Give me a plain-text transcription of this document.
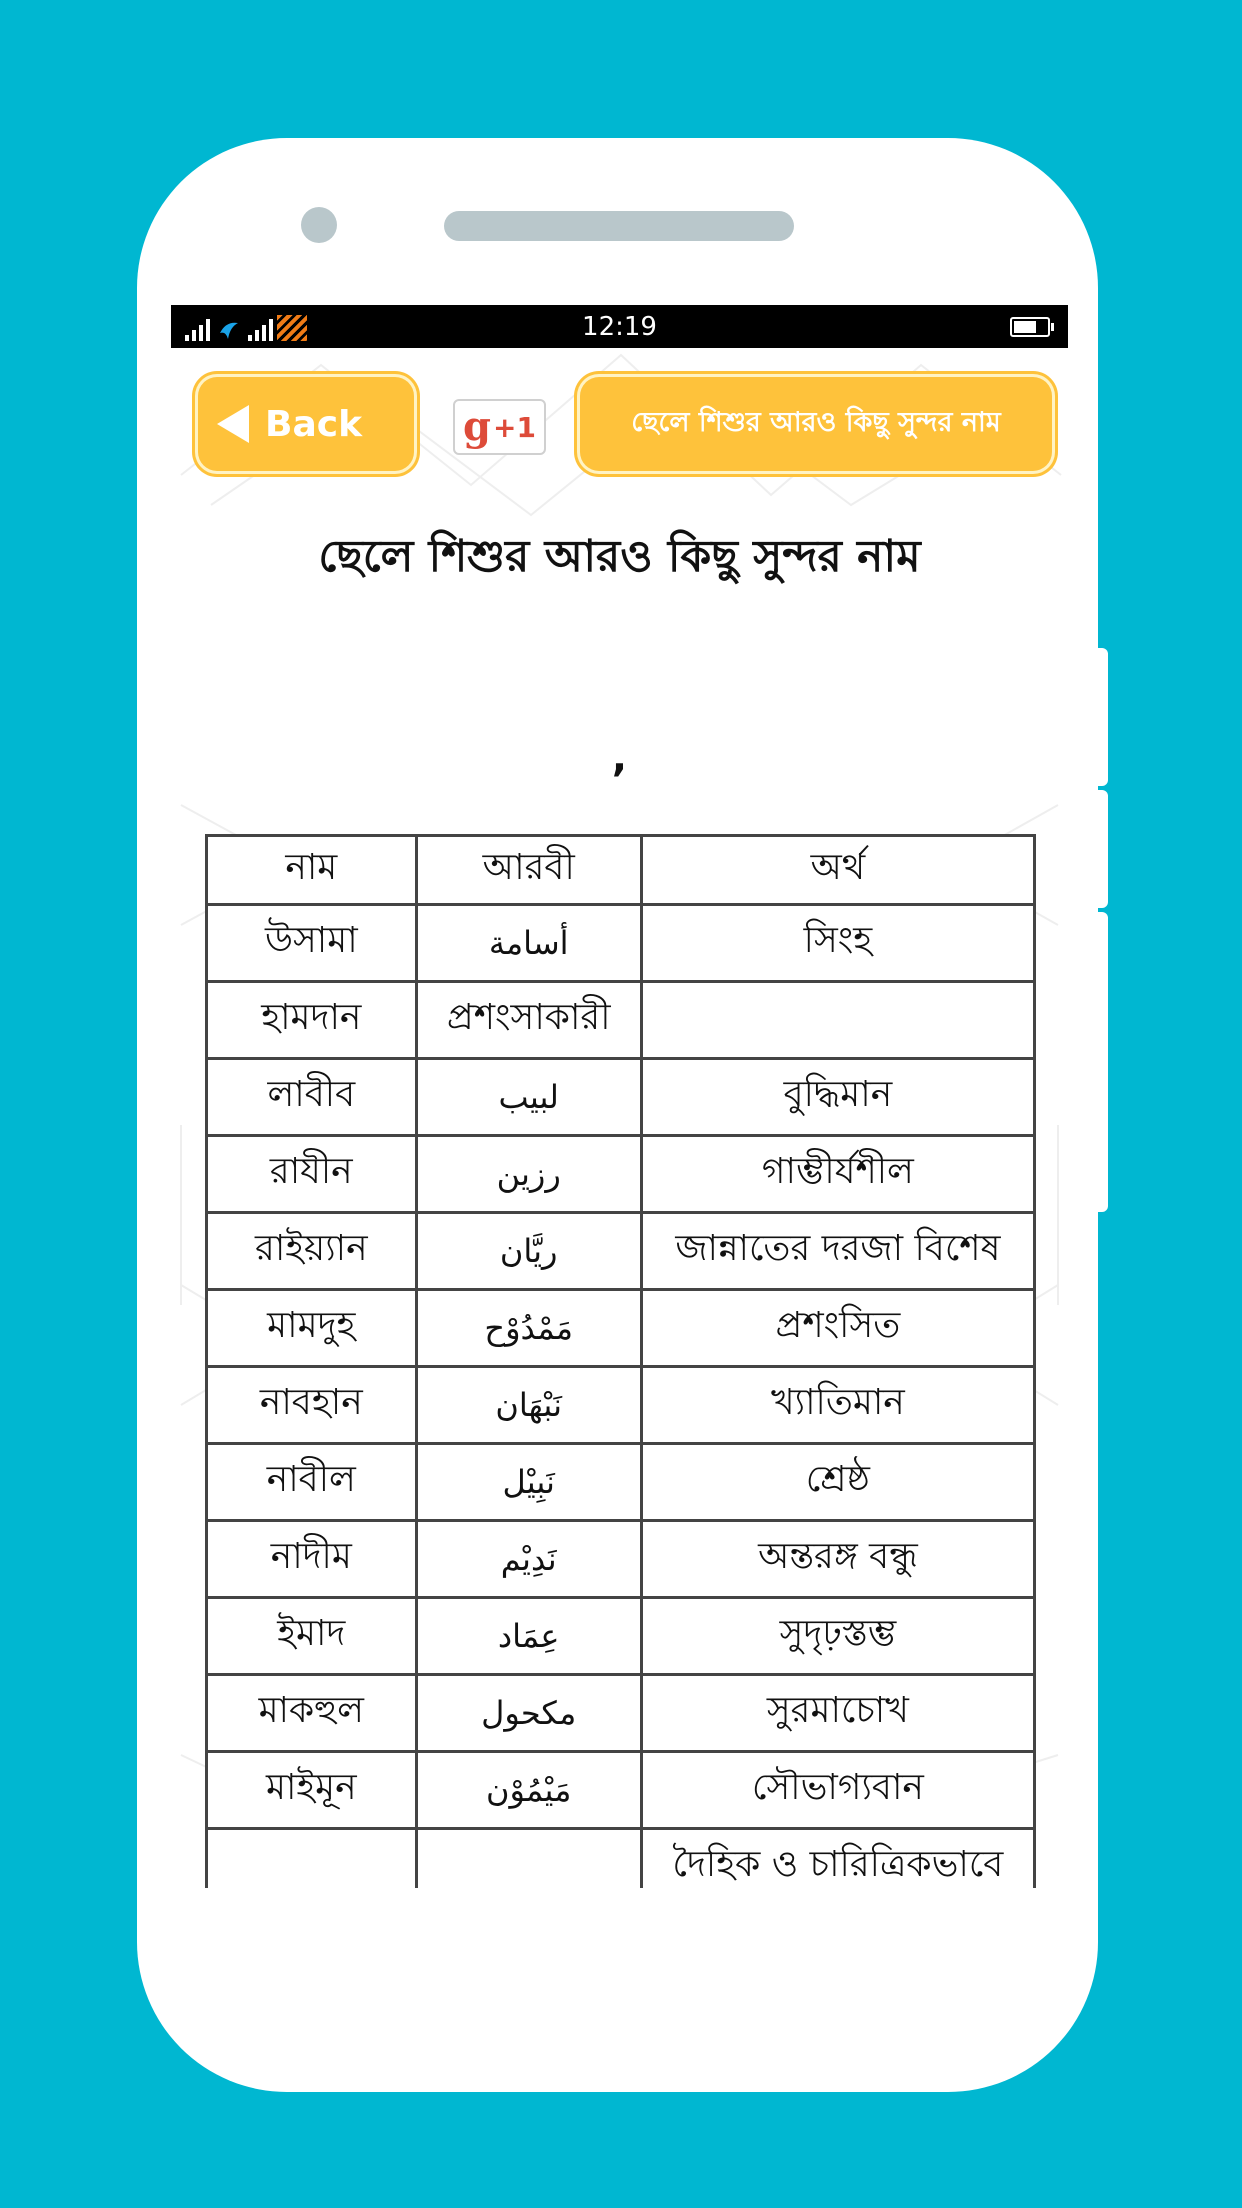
12:19
Back	g +1	ছেলে শিশুর আরও কিছু সুন্দর নাম
ছেলে শিশুর আরও কিছু সুন্দর নাম
,
নাম	আরবী	অর্থ
উসামা	أسامة	সিংহ
হামদান	প্রশংসাকারী	
লাবীব	لبيب	বুদ্ধিমান
রাযীন	رزين	গাম্ভীর্যশীল
রাইয়্যান	ريَّان	জান্নাতের দরজা বিশেষ
মামদুহ	مَمْدُوْح	প্রশংসিত
নাবহান	نَبْهَان	খ্যাতিমান
নাবীল	نَبِيْل	শ্রেষ্ঠ
নাদীম	نَدِيْم	অন্তরঙ্গ বন্ধু
ইমাদ	عِمَاد	সুদৃঢ়স্তম্ভ
মাকহুল	مكحول	সুরমাচোখ
মাইমূন	مَيْمُوْن	সৌভাগ্যবান
		দৈহিক ও চারিত্রিকভাবে
